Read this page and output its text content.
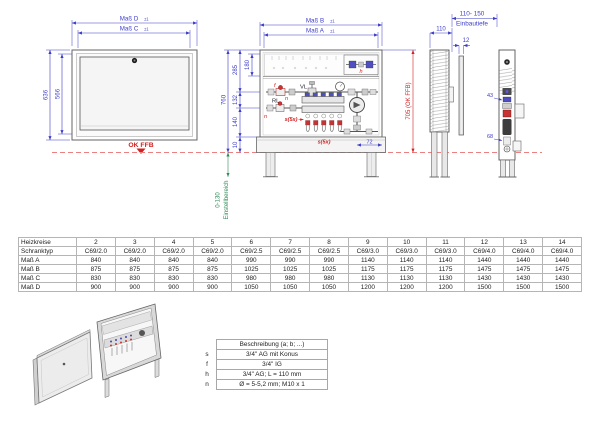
Maß D ±1
Maß C ±1
636 566
OK FFB
Maß B ±1
Maß A ±1
h
VL
f
n
RL
n	s(5x)
s(5x)	72
760
285 180
132
140
10
0-130 Einstellbereich
705 (OK FFB)
110- 150
Einbautiefe
110
12
43
68
Heizkreise	2	3	4	5	6	7	8	9	10	11	12	13	14
Schranktyp	C69/2.0	C69/2.0	C69/2.0	C69/2.0	C69/2.5	C69/2.5	C69/2.5	C69/3.0	C69/3.0	C69/3.0	C69/4.0	C69/4.0	C69/4.0
Maß A	840	840	840	840	990	990	990	1140	1140	1140	1440	1440	1440
Maß B	875	875	875	875	1025	1025	1025	1175	1175	1175	1475	1475	1475
Maß C	830	830	830	830	980	980	980	1130	1130	1130	1430	1430	1430
Maß D	900	900	900	900	1050	1050	1050	1200	1200	1200	1500	1500	1500
	Beschreibung (a; b; ...)
s	3/4" AG mit Konus
f	3/4" IG
h	3/4" AG; L = 110 mm
n	Ø = 5-5,2 mm; M10 x 1
